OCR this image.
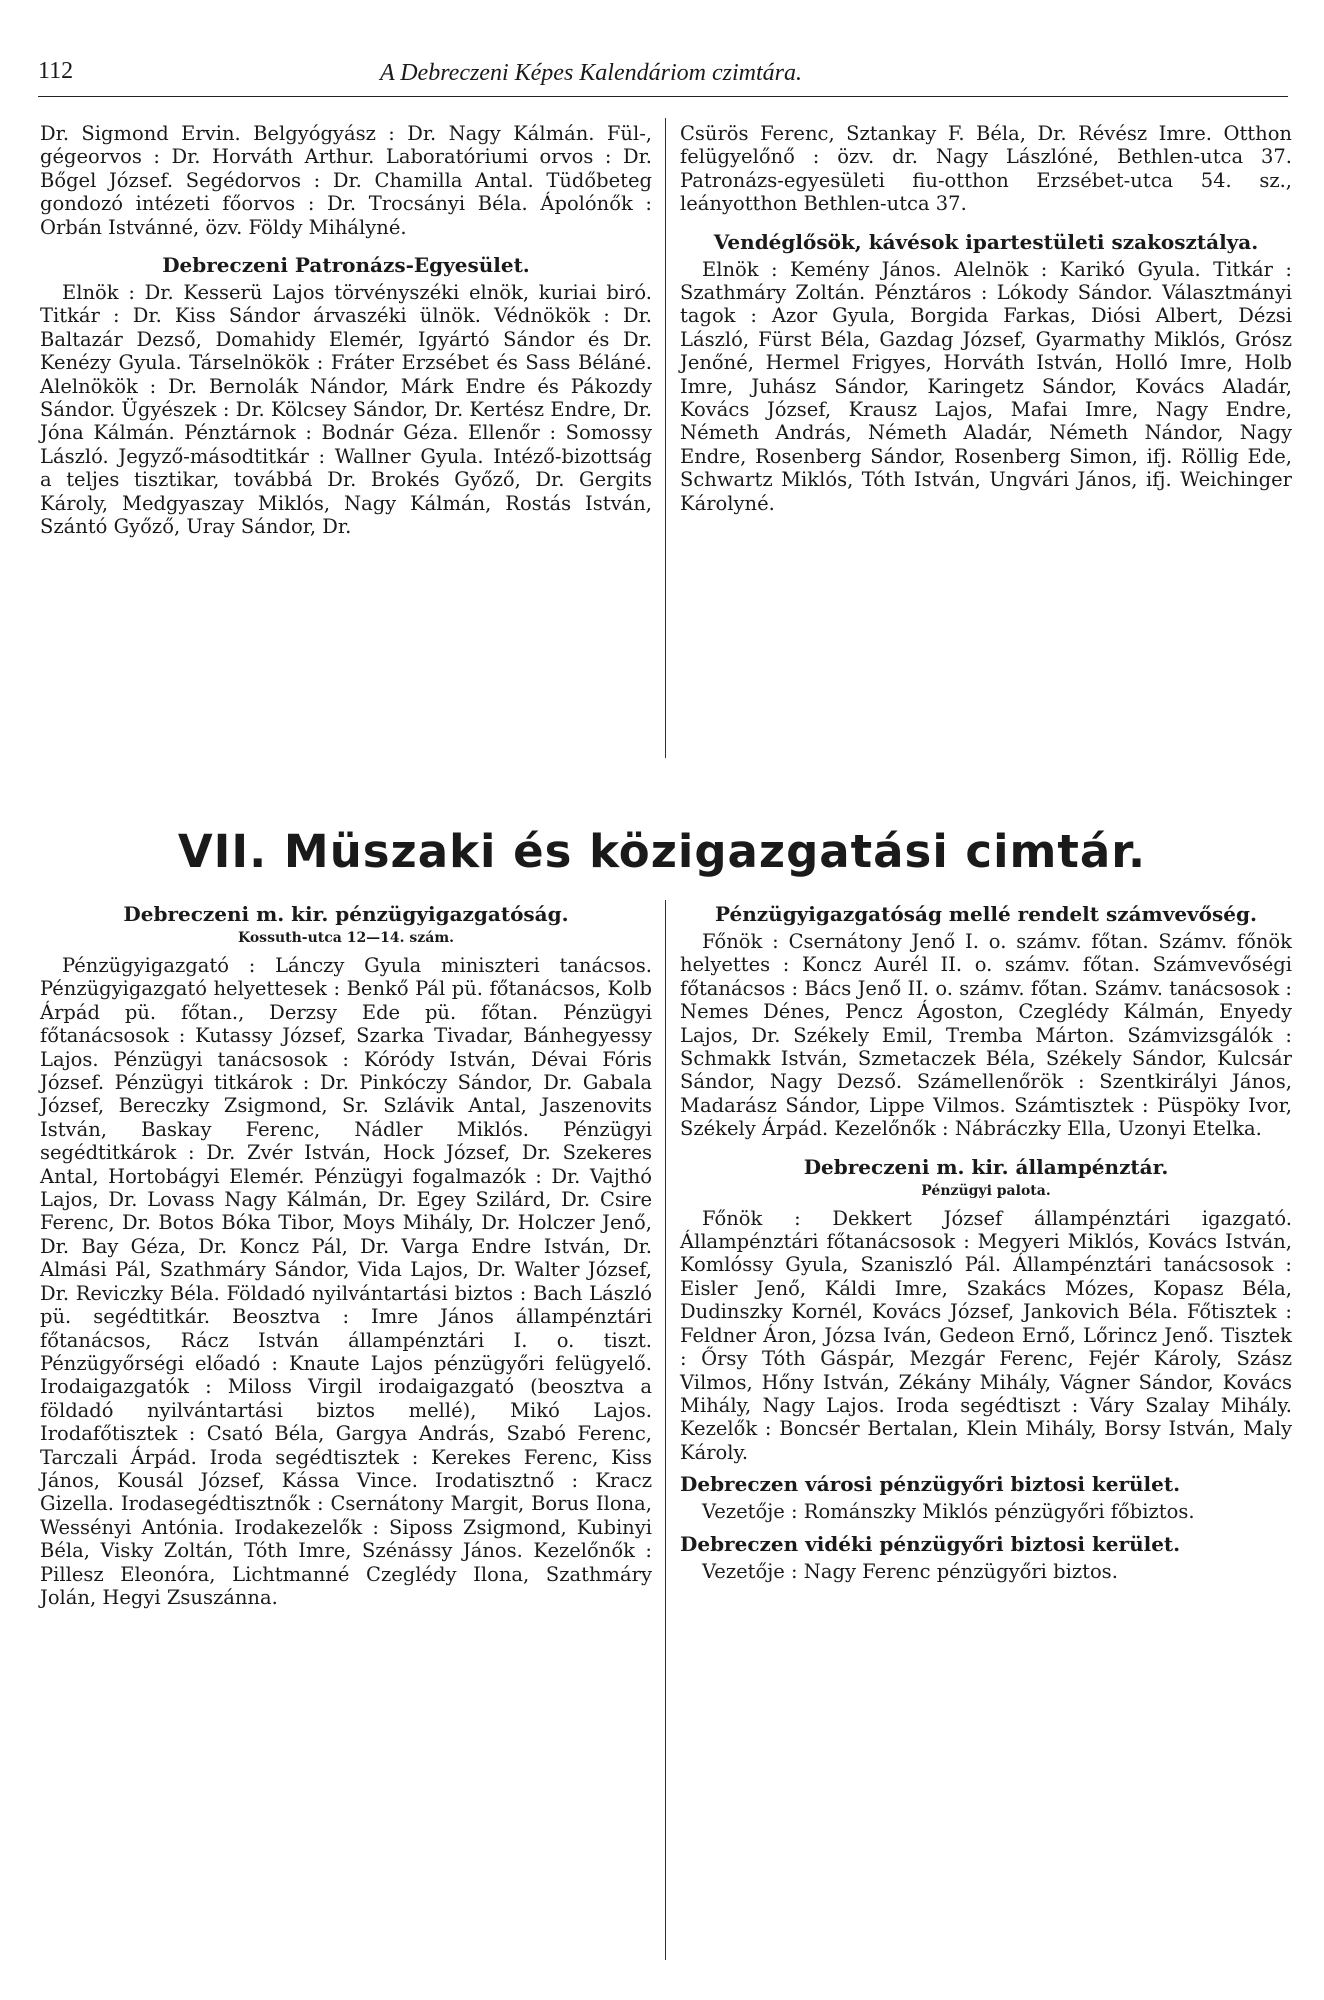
112	A Debreczeni Képes Kalendáriom czimtára.

Dr. Sigmond Ervin. Belgyógyász : Dr. Nagy Kálmán. Fül-, gégeorvos : Dr. Horváth Arthur. Laboratóriumi orvos : Dr. Bőgel József. Segédorvos : Dr. Chamilla Antal. Tüdőbeteg gondozó intézeti főorvos : Dr. Trocsányi Béla. Ápolónők : Orbán Istvánné, özv. Földy Mihályné.

Debreczeni Patronázs-Egyesület.

Elnök : Dr. Kesserü Lajos törvényszéki elnök, kuriai biró. Titkár : Dr. Kiss Sándor árvaszéki ülnök. Védnökök : Dr. Baltazár Dezső, Domahidy Elemér, Igyártó Sándor és Dr. Kenézy Gyula. Társelnökök : Fráter Erzsébet és Sass Béláné. Alelnökök : Dr. Bernolák Nándor, Márk Endre és Pákozdy Sándor. Ügyészek : Dr. Kölcsey Sándor, Dr. Kertész Endre, Dr. Jóna Kálmán. Pénztárnok : Bodnár Géza. Ellenőr : Somossy László. Jegyző-másodtitkár : Wallner Gyula. Intéző-bizottság a teljes tisztikar, továbbá Dr. Brokés Győző, Dr. Gergits Károly, Medgyaszay Miklós, Nagy Kálmán, Rostás István, Szántó Győző, Uray Sándor, Dr.

Csürös Ferenc, Sztankay F. Béla, Dr. Révész Imre. Otthon felügyelőnő : özv. dr. Nagy Lászlóné, Bethlen-utca 37. Patronázs-egyesületi fiu-otthon Erzsébet-utca 54. sz., leányotthon Bethlen-utca 37.

Vendéglősök, kávésok ipartestületi szakosztálya.

Elnök : Kemény János. Alelnök : Karikó Gyula. Titkár : Szathmáry Zoltán. Pénztáros : Lókody Sándor. Választmányi tagok : Azor Gyula, Borgida Farkas, Diósi Albert, Dézsi László, Fürst Béla, Gazdag József, Gyarmathy Miklós, Grósz Jenőné, Hermel Frigyes, Horváth István, Holló Imre, Holb Imre, Juhász Sándor, Karingetz Sándor, Kovács Aladár, Kovács József, Krausz Lajos, Mafai Imre, Nagy Endre, Németh András, Németh Aladár, Németh Nándor, Nagy Endre, Rosenberg Sándor, Rosenberg Simon, ifj. Röllig Ede, Schwartz Miklós, Tóth István, Ungvári János, ifj. Weichinger Károlyné.

VII. Müszaki és közigazgatási cimtár.
Debreczeni m. kir. pénzügyigazgatóság.
Kossuth-utca 12—14. szám.

Pénzügyigazgató : Lánczy Gyula miniszteri tanácsos. Pénzügyigazgató helyettesek : Benkő Pál pü. főtanácsos, Kolb Árpád pü. főtan., Derzsy Ede pü. főtan. Pénzügyi főtanácsosok : Kutassy József, Szarka Tivadar, Bánhegyessy Lajos. Pénzügyi tanácsosok : Kóródy István, Dévai Fóris József. Pénzügyi titkárok : Dr. Pinkóczy Sándor, Dr. Gabala József, Bereczky Zsigmond, Sr. Szlávik Antal, Jaszenovits István, Baskay Ferenc, Nádler Miklós. Pénzügyi segédtitkárok : Dr. Zvér István, Hock József, Dr. Szekeres Antal, Hortobágyi Elemér. Pénzügyi fogalmazók : Dr. Vajthó Lajos, Dr. Lovass Nagy Kálmán, Dr. Egey Szilárd, Dr. Csire Ferenc, Dr. Botos Bóka Tibor, Moys Mihály, Dr. Holczer Jenő, Dr. Bay Géza, Dr. Koncz Pál, Dr. Varga Endre István, Dr. Almási Pál, Szathmáry Sándor, Vida Lajos, Dr. Walter József, Dr. Reviczky Béla. Földadó nyilvántartási biztos : Bach László pü. segédtitkár. Beosztva : Imre János állampénztári főtanácsos, Rácz István állampénztári I. o. tiszt. Pénzügyőrségi előadó : Knaute Lajos pénzügyőri felügyelő. Irodaigazgatók : Miloss Virgil irodaigazgató (beosztva a földadó nyilvántartási biztos mellé), Mikó Lajos. Irodafőtisztek : Csató Béla, Gargya András, Szabó Ferenc, Tarczali Árpád. Iroda segédtisztek : Kerekes Ferenc, Kiss János, Kousál József, Kássa Vince. Irodatisztnő : Kracz Gizella. Irodasegédtisztnők : Csernátony Margit, Borus Ilona, Wessényi Antónia. Irodakezelők : Siposs Zsigmond, Kubinyi Béla, Visky Zoltán, Tóth Imre, Szénássy János. Kezelőnők : Pillesz Eleonóra, Lichtmanné Czeglédy Ilona, Szathmáry Jolán, Hegyi Zsuszánna.

Pénzügyigazgatóság mellé rendelt számvevőség.

Főnök : Csernátony Jenő I. o. számv. főtan. Számv. főnök helyettes : Koncz Aurél II. o. számv. főtan. Számvevőségi főtanácsos : Bács Jenő II. o. számv. főtan. Számv. tanácsosok : Nemes Dénes, Pencz Ágoston, Czeglédy Kálmán, Enyedy Lajos, Dr. Székely Emil, Tremba Márton. Számvizsgálók : Schmakk István, Szmetaczek Béla, Székely Sándor, Kulcsár Sándor, Nagy Dezső. Számellenőrök : Szentkirályi János, Madarász Sándor, Lippe Vilmos. Számtisztek : Püspöky Ivor, Székely Árpád. Kezelőnők : Nábráczky Ella, Uzonyi Etelka.

Debreczeni m. kir. állampénztár.
Pénzügyi palota.

Főnök : Dekkert József állampénztári igazgató. Állampénztári főtanácsosok : Megyeri Miklós, Kovács István, Komlóssy Gyula, Szaniszló Pál. Állampénztári tanácsosok : Eisler Jenő, Káldi Imre, Szakács Mózes, Kopasz Béla, Dudinszky Kornél, Kovács József, Jankovich Béla. Főtisztek : Feldner Áron, Józsa Iván, Gedeon Ernő, Lőrincz Jenő. Tisztek : Őrsy Tóth Gáspár, Mezgár Ferenc, Fejér Károly, Szász Vilmos, Hőny István, Zékány Mihály, Vágner Sándor, Kovács Mihály, Nagy Lajos. Iroda segédtiszt : Váry Szalay Mihály. Kezelők : Boncsér Bertalan, Klein Mihály, Borsy István, Maly Károly.

Debreczen városi pénzügyőri biztosi kerület.

Vezetője : Románszky Miklós pénzügyőri főbiztos.

Debreczen vidéki pénzügyőri biztosi kerület.

Vezetője : Nagy Ferenc pénzügyőri biztos.
